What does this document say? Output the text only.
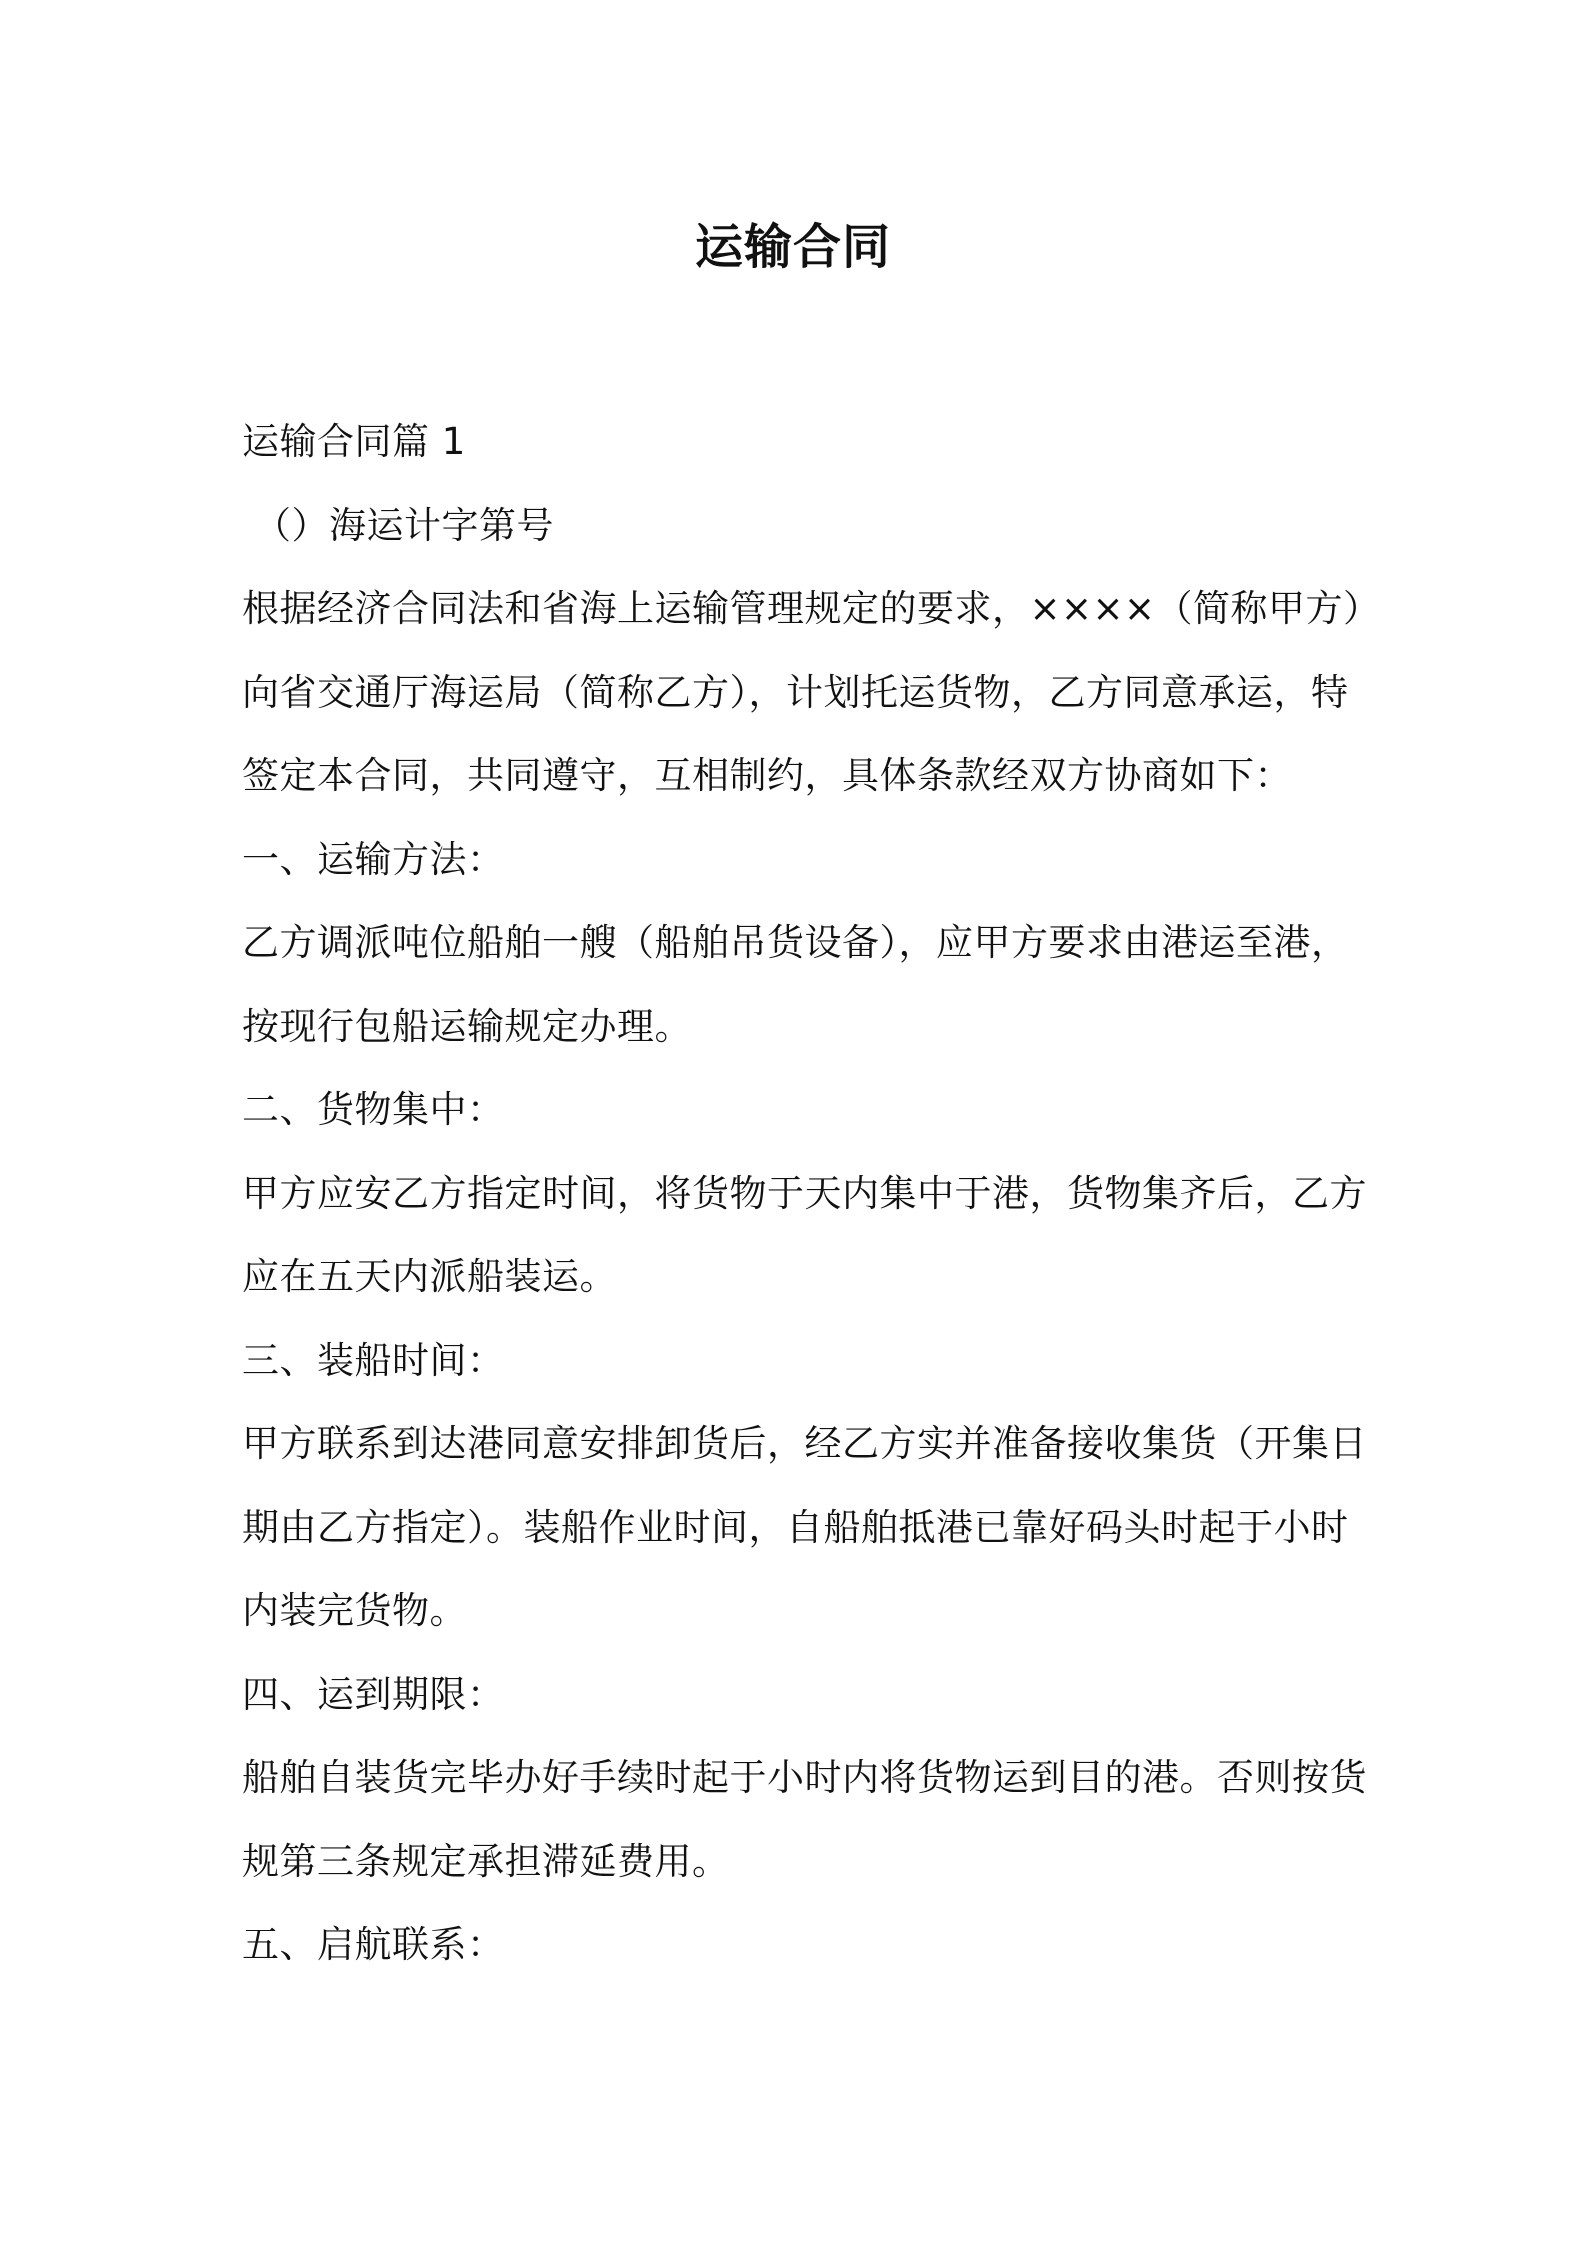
运输合同
运输合同篇 1
（）海运计字第号
根据经济合同法和省海上运输管理规定的要求，××××（简称甲方）
向省交通厅海运局（简称乙方），计划托运货物，乙方同意承运，特
签定本合同，共同遵守，互相制约，具体条款经双方协商如下：
一、运输方法：
乙方调派吨位船舶一艘（船舶吊货设备），应甲方要求由港运至港，
按现行包船运输规定办理。
二、货物集中：
甲方应安乙方指定时间，将货物于天内集中于港，货物集齐后，乙方
应在五天内派船装运。
三、装船时间：
甲方联系到达港同意安排卸货后，经乙方实并准备接收集货（开集日
期由乙方指定）。装船作业时间，自船舶抵港已靠好码头时起于小时
内装完货物。
四、运到期限：
船舶自装货完毕办好手续时起于小时内将货物运到目的港。否则按货
规第三条规定承担滞延费用。
五、启航联系：
